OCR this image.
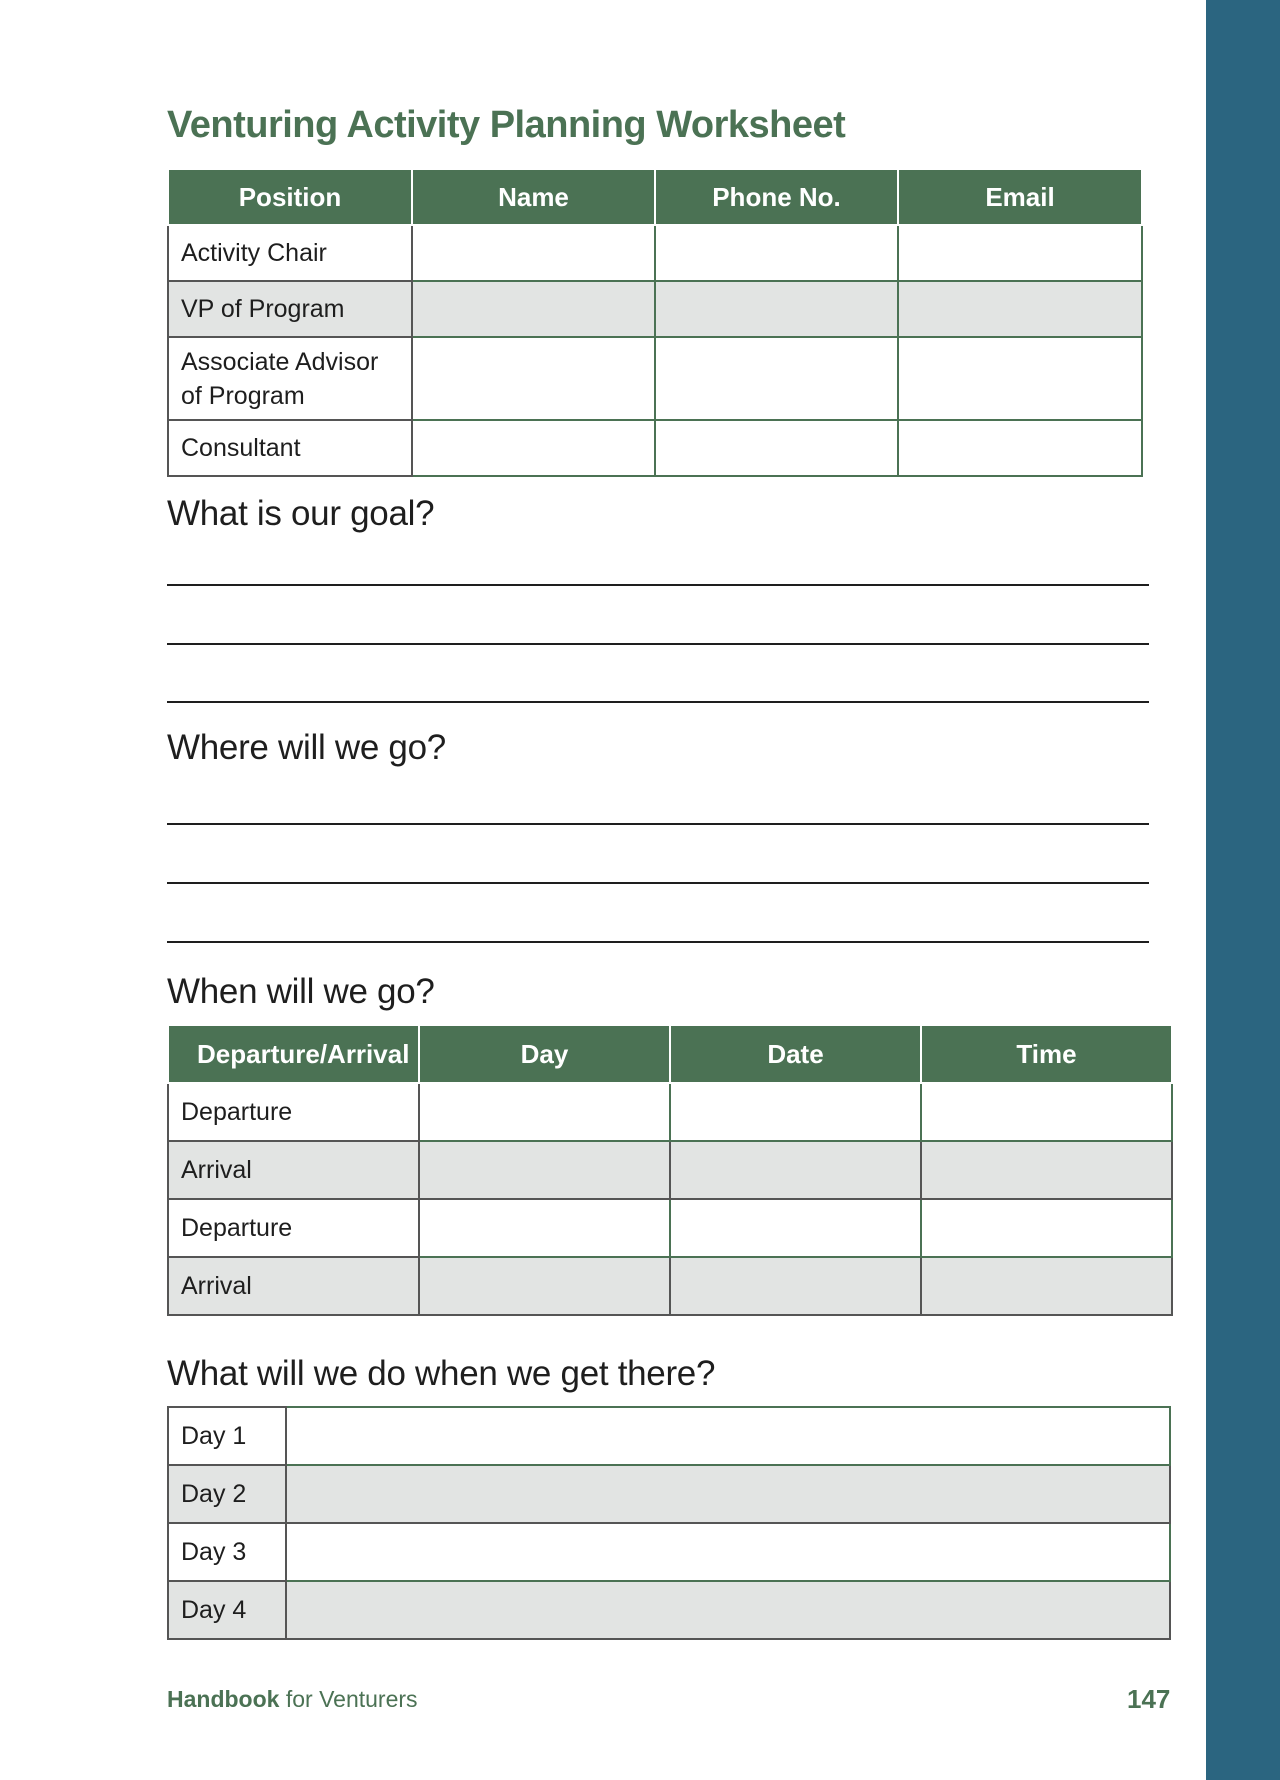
Venturing Activity Planning Worksheet
Position	Name	Phone No.	Email
Activity Chair			
VP of Program			
Associate Advisor of Program			
Consultant			
What is our goal?
Where will we go?
When will we go?
Departure/Arrival	Day	Date	Time
Departure			
Arrival			
Departure			
Arrival			
What will we do when we get there?
Day 1	
Day 2	
Day 3	
Day 4	
Handbook for Venturers	147
